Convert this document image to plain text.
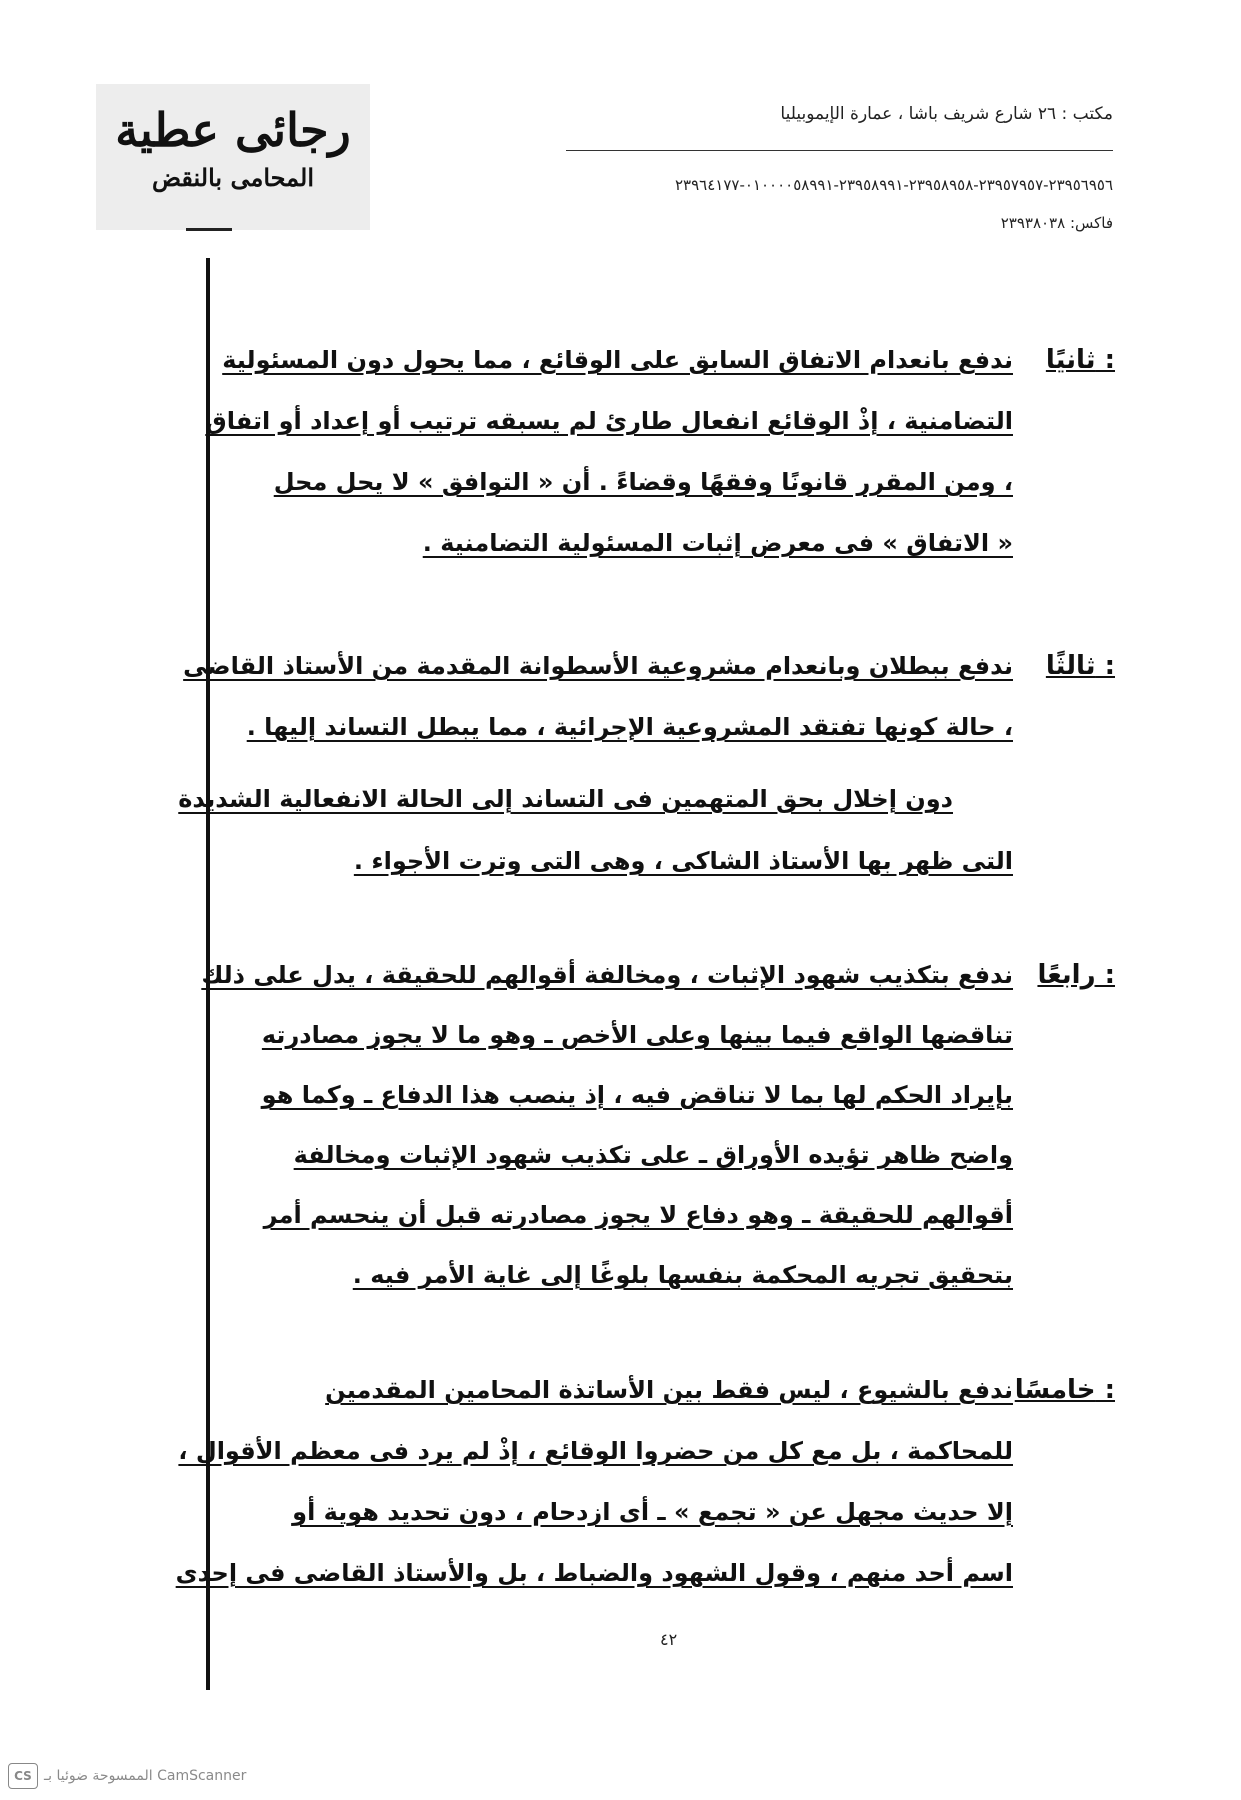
رجائى عطية
المحامى بالنقض
مكتب : ٢٦ شارع شريف باشا ، عمارة الإيموبيليا
٢٣٩٥٦٩٥٦-٢٣٩٥٧٩٥٧-٢٣٩٥٨٩٥٨-٢٣٩٥٨٩٩١-٠١٠٠٠٠٥٨٩٩١-٢٣٩٦٤١٧٧
فاكس: ٢٣٩٣٨٠٣٨
ثانيًا :
ندفع بانعدام الاتفاق السابق على الوقائع ، مما يحول دون المسئولية
التضامنية ، إذْ الوقائع انفعال طارئ لم يسبقه ترتيب أو إعداد أو اتفاق
، ومن المقرر قانونًا وفقهًا وقضاءً . أن « التوافق » لا يحل محل
« الاتفاق » فى معرض إثبات المسئولية التضامنية .
ثالثًا :
ندفع ببطلان وبانعدام مشروعية الأسطوانة المقدمة من الأستاذ القاضى
، حالة كونها تفتقد المشروعية الإجرائية ، مما يبطل التساند إليها .
دون إخلال بحق المتهمين فى التساند إلى الحالة الانفعالية الشديدة
التى ظهر بها الأستاذ الشاكى ، وهى التى وترت الأجواء .
رابعًا :
ندفع بتكذيب شهود الإثبات ، ومخالفة أقوالهم للحقيقة ، يدل على ذلك
تناقضها الواقع فيما بينها وعلى الأخص ـ وهو ما لا يجوز مصادرته
بإيراد الحكم لها بما لا تناقض فيه ، إذ ينصب هذا الدفاع ـ وكما هو
واضح ظاهر تؤيده الأوراق ـ على تكذيب شهود الإثبات ومخالفة
أقوالهم للحقيقة ـ وهو دفاع لا يجوز مصادرته قبل أن ينحسم أمر
بتحقيق تجريه المحكمة بنفسها بلوغًا إلى غاية الأمر فيه .
خامسًا :
ندفع بالشيوع ، ليس فقط بين الأساتذة المحامين المقدمين
للمحاكمة ، بل مع كل من حضروا الوقائع ، إذْ لم يرد فى معظم الأقوال ،
إلا حديث مجهل عن « تجمع » ـ أى ازدحام ، دون تحديد هوية أو
اسم أحد منهم ، وقول الشهود والضباط ، بل والأستاذ القاضى فى إحدى
٤٢
CS الممسوحة ضوئيا بـ CamScanner
